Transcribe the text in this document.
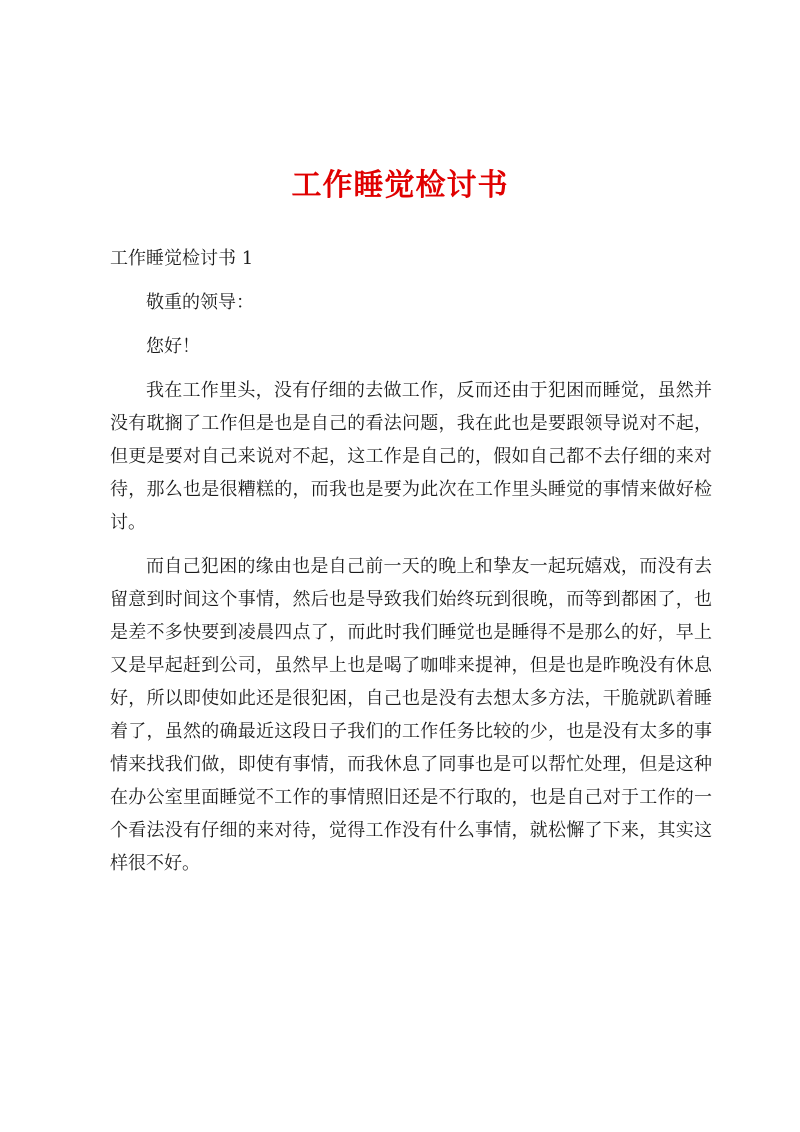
工作睡觉检讨书

工作睡觉检讨书 1

敬重的领导：

您好！

我在工作里头，没有仔细的去做工作，反而还由于犯困而睡觉，虽然并没有耽搁了工作但是也是自己的看法问题，我在此也是要跟领导说对不起，但更是要对自己来说对不起，这工作是自己的，假如自己都不去仔细的来对待，那么也是很糟糕的，而我也是要为此次在工作里头睡觉的事情来做好检讨。

而自己犯困的缘由也是自己前一天的晚上和挚友一起玩嬉戏，而没有去留意到时间这个事情，然后也是导致我们始终玩到很晚，而等到都困了，也是差不多快要到凌晨四点了，而此时我们睡觉也是睡得不是那么的好，早上又是早起赶到公司，虽然早上也是喝了咖啡来提神，但是也是昨晚没有休息好，所以即使如此还是很犯困，自己也是没有去想太多方法，干脆就趴着睡着了，虽然的确最近这段日子我们的工作任务比较的少，也是没有太多的事情来找我们做，即使有事情，而我休息了同事也是可以帮忙处理，但是这种在办公室里面睡觉不工作的事情照旧还是不行取的，也是自己对于工作的一个看法没有仔细的来对待，觉得工作没有什么事情，就松懈了下来，其实这样很不好。
